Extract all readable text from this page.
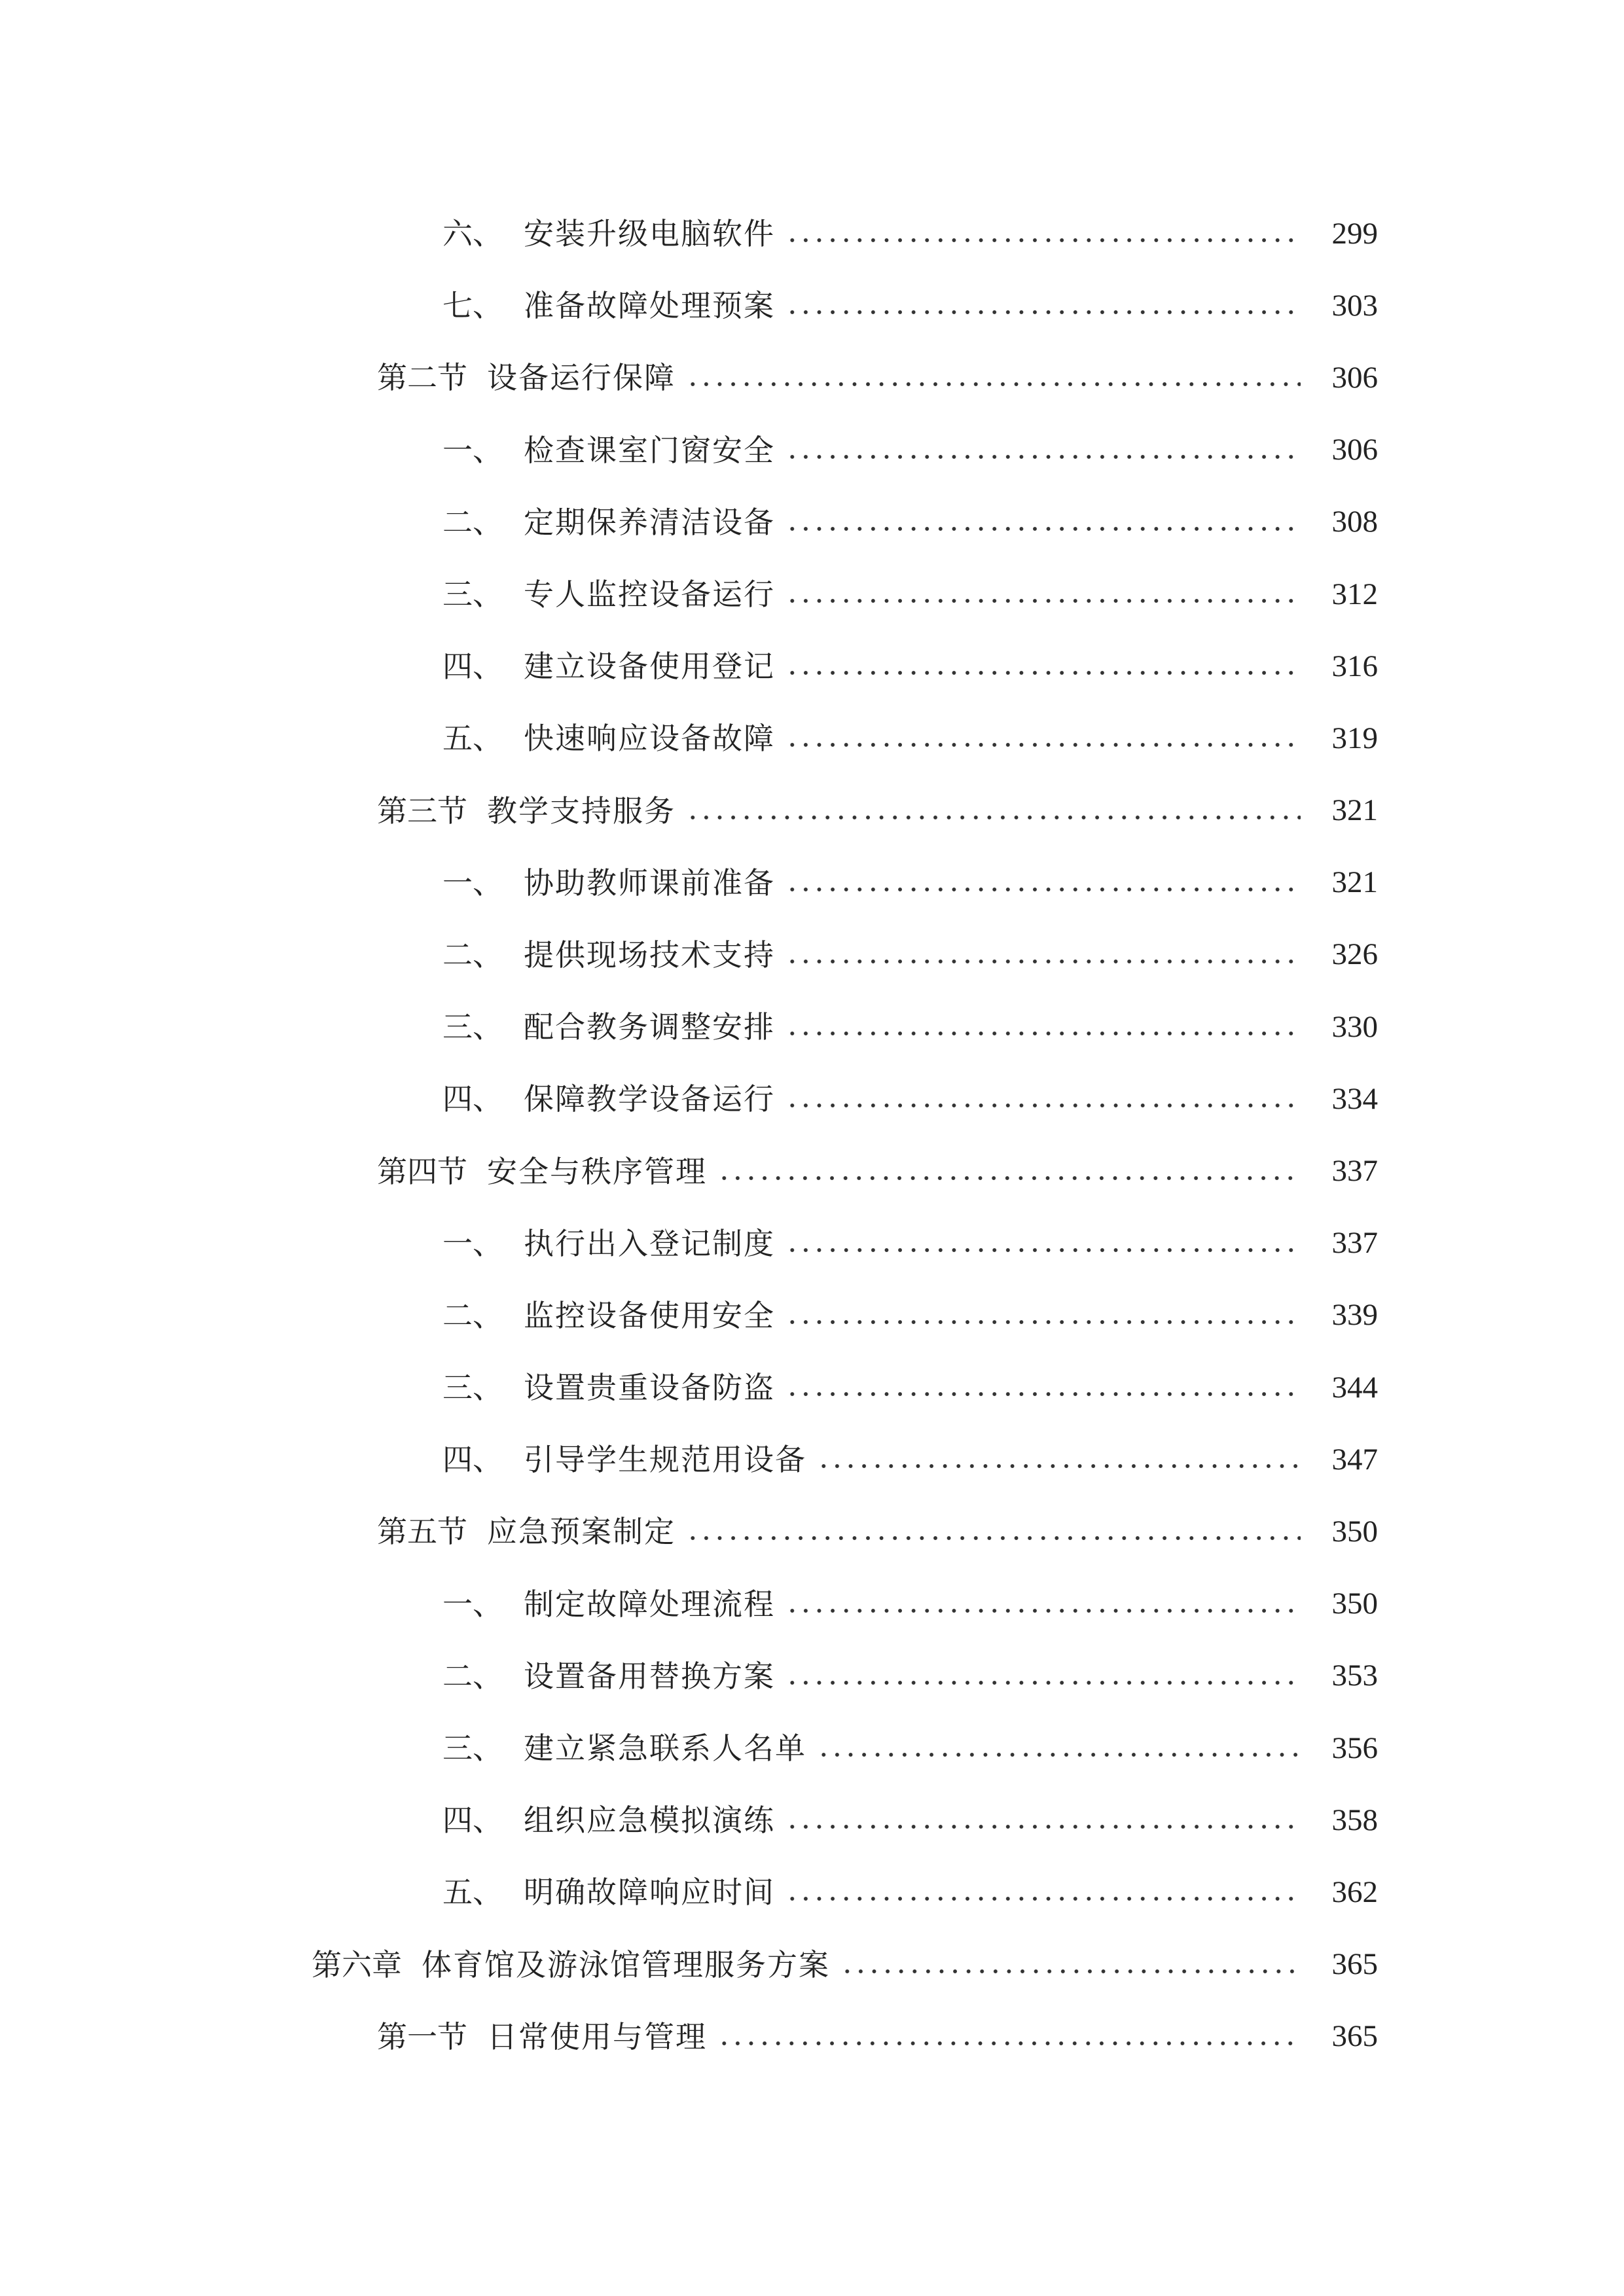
六、 安装升级电脑软件	299
七、 准备故障处理预案	303
第二节 设备运行保障	306
一、 检查课室门窗安全	306
二、 定期保养清洁设备	308
三、 专人监控设备运行	312
四、 建立设备使用登记	316
五、 快速响应设备故障	319
第三节 教学支持服务	321
一、 协助教师课前准备	321
二、 提供现场技术支持	326
三、 配合教务调整安排	330
四、 保障教学设备运行	334
第四节 安全与秩序管理	337
一、 执行出入登记制度	337
二、 监控设备使用安全	339
三、 设置贵重设备防盗	344
四、 引导学生规范用设备	347
第五节 应急预案制定	350
一、 制定故障处理流程	350
二、 设置备用替换方案	353
三、 建立紧急联系人名单	356
四、 组织应急模拟演练	358
五、 明确故障响应时间	362
第六章 体育馆及游泳馆管理服务方案	365
第一节 日常使用与管理	365
